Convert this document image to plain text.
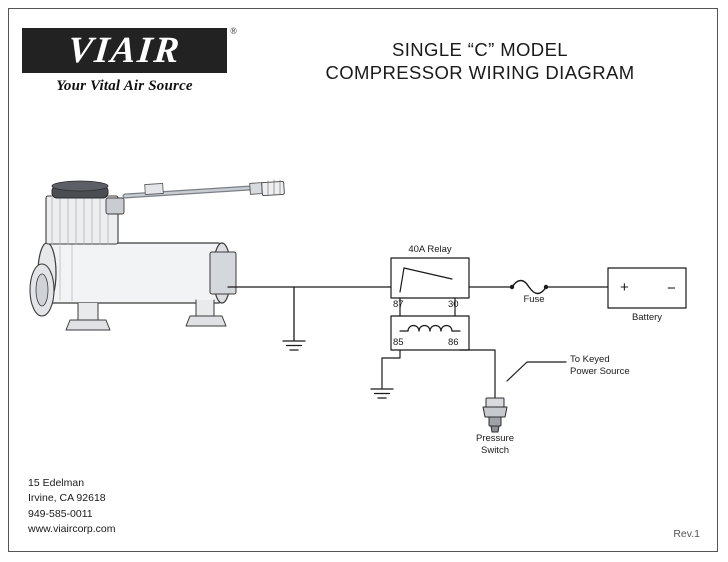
VIAIR	®
Your Vital Air Source
SINGLE “C” MODEL
COMPRESSOR WIRING DIAGRAM
40A Relay
87	30
85	86
Fuse
+	−
Battery
To Keyed
Power Source
Pressure
Switch
15 Edelman
Irvine, CA 92618
949-585-0011
www.viaircorp.com	Rev.1
